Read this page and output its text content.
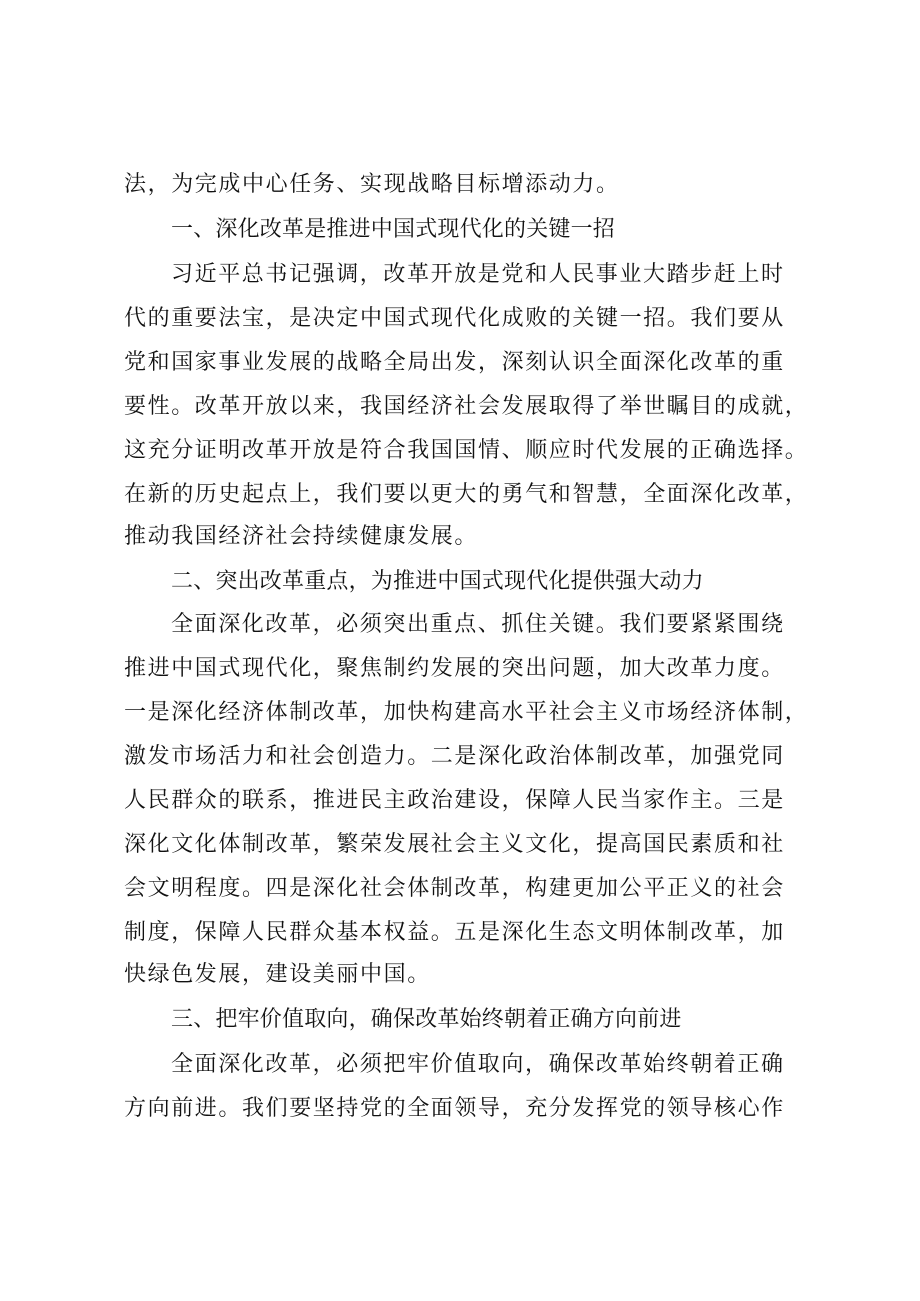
法，为完成中心任务、实现战略目标增添动力。
一、深化改革是推进中国式现代化的关键一招
习近平总书记强调，改革开放是党和人民事业大踏步赶上时
代的重要法宝，是决定中国式现代化成败的关键一招。我们要从
党和国家事业发展的战略全局出发，深刻认识全面深化改革的重
要性。改革开放以来，我国经济社会发展取得了举世瞩目的成就，
这充分证明改革开放是符合我国国情、顺应时代发展的正确选择。
在新的历史起点上，我们要以更大的勇气和智慧，全面深化改革，
推动我国经济社会持续健康发展。
二、突出改革重点，为推进中国式现代化提供强大动力
全面深化改革，必须突出重点、抓住关键。我们要紧紧围绕
推进中国式现代化，聚焦制约发展的突出问题，加大改革力度。
一是深化经济体制改革，加快构建高水平社会主义市场经济体制，
激发市场活力和社会创造力。二是深化政治体制改革，加强党同
人民群众的联系，推进民主政治建设，保障人民当家作主。三是
深化文化体制改革，繁荣发展社会主义文化，提高国民素质和社
会文明程度。四是深化社会体制改革，构建更加公平正义的社会
制度，保障人民群众基本权益。五是深化生态文明体制改革，加
快绿色发展，建设美丽中国。
三、把牢价值取向，确保改革始终朝着正确方向前进
全面深化改革，必须把牢价值取向，确保改革始终朝着正确
方向前进。我们要坚持党的全面领导，充分发挥党的领导核心作
